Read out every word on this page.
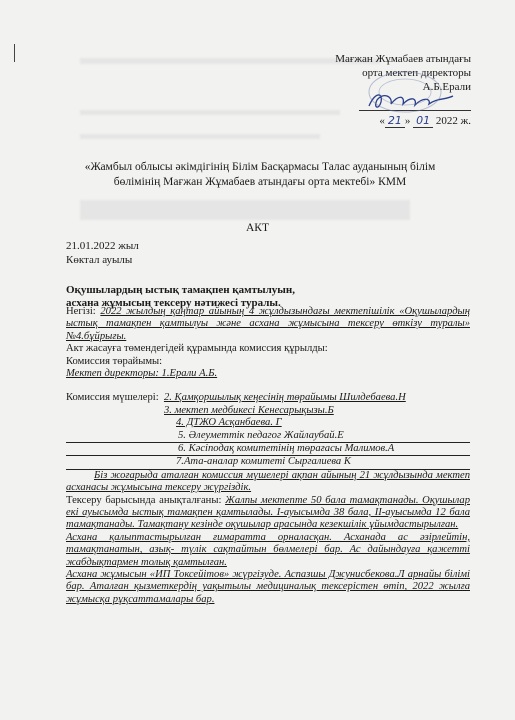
Мағжан Жұмабаев атындағы
орта мектеп директоры
А.Б.Ерали
« 21 » 01 2022 ж.
«Жамбыл облысы әкімдігінің Білім Басқармасы Талас ауданының білім
бөлімінің Мағжан Жұмабаев атындағы орта мектебі» КММ
АКТ
21.01.2022 жыл
Көктал ауылы
Оқушылардың ыстық тамақпен қамтылуын,
асхана жұмысын тексеру нәтижесі туралы.

Негізі: 2022 жылдың қаңтар айының 4 жұлдызындағы мектепішілік «Оқушылардың ыстық тамақпен қамтылуы және асхана жұмысына тексеру өткізу туралы» №4.бұйрығы.

Акт жасауға төмендегідей құрамында комиссия құрылды:

Комиссия төрайымы:

Мектеп директоры: 1.Ерали А.Б.

Комиссия мүшелері: 2. Қамқоршылық кеңесінің төрайымы Шилдебаева.Н
3. мектеп медбикесі Кенесарықызы.Б
4. ДТЖО Асқанбаева. Г
5. Әлеуметтік педагог Жайлаубай.Е
6. Кәсіподақ комитетінің төрағасы Малимов.А
7.Ата-аналар комитеті Сыргалиева К

Біз жоғарыда аталған комиссия мүшелері ақпан айының 21 жұлдызында мектеп асханасы жұмысына тексеру жүргіздік.

Тексеру барысында анықталғаны: Жалпы мектепте 50 бала тамақтанады. Оқушылар екі ауысымда ыстық тамақпен қамтылады. І-ауысымда 38 бала, ІІ-ауысымда 12 бала тамақтанады. Тамақтану кезінде оқушылар арасында кезекшілік ұйымдастырылған.

Асхана қалыптастырылған ғимаратта орналасқан. Асханада ас әзірлейтін, тамақтанатын, азық- түлік сақтайтын бөлмелері бар. Ас дайындауға қажетті жабдықтармен толық қамтылған.

Асхана жұмысын «ИП Токсейітов» жүргізуде. Аспазшы Джунисбекова.Л арнайы білімі бар. Аталған қызметкердің уақытылы медициналық тексерістен өтіп, 2022 жылға жұмысқа рұқсаттамалары бар.
